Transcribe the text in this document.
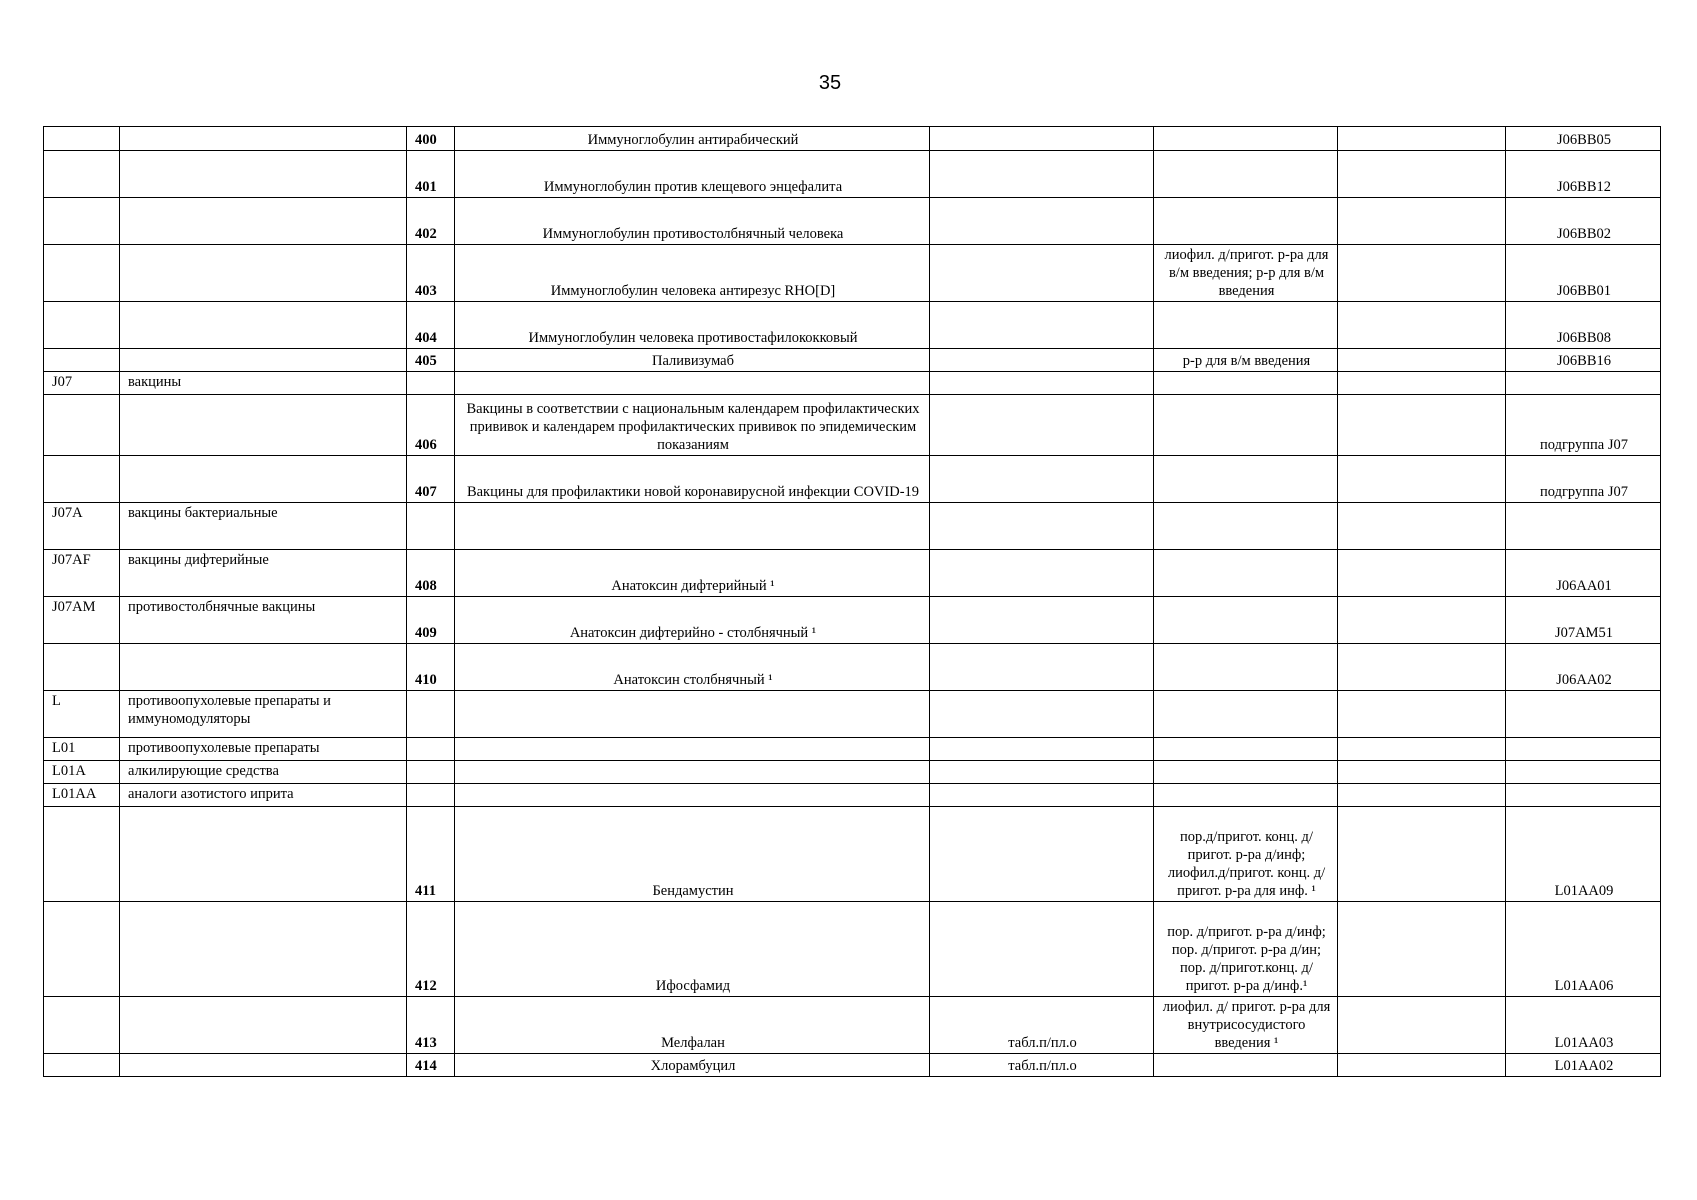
35
		400	Иммуноглобулин антирабический				J06BB05
		401	Иммуноглобулин против клещевого энцефалита				J06BB12
		402	Иммуноглобулин противостолбнячный человека				J06BB02
		403	Иммуноглобулин человека антирезус RHO[D]		лиофил. д/пригот. р-ра для в/м введения; р-р для в/м введения		J06BB01
		404	Иммуноглобулин человека противостафилококковый				J06BB08
		405	Паливизумаб		р-р для в/м введения		J06BB16
J07	вакцины						
		406	Вакцины в соответствии с национальным календарем профилактических прививок и календарем профилактических прививок по эпидемическим показаниям				подгруппа J07
		407	Вакцины для профилактики новой коронавирусной инфекции COVID-19				подгруппа J07
J07A	вакцины бактериальные						
J07AF	вакцины дифтерийные	408	Анатоксин дифтерийный ¹				J06AA01
J07AM	противостолбнячные вакцины	409	Анатоксин дифтерийно - столбнячный ¹				J07AM51
		410	Анатоксин столбнячный ¹				J06AA02
L	противоопухолевые препараты и иммуномодуляторы						
L01	противоопухолевые препараты						
L01A	алкилирующие средства						
L01AA	аналоги азотистого иприта						
		411	Бендамустин		пор.д/пригот. конц. д/пригот. р-ра д/инф; лиофил.д/пригот. конц. д/пригот. р-ра для инф. ¹		L01AA09
		412	Ифосфамид		пор. д/пригот. р-ра д/инф; пор. д/пригот. р-ра д/ин; пор. д/пригот.конц. д/пригот. р-ра д/инф.¹		L01AA06
		413	Мелфалан	табл.п/пл.о	лиофил. д/ пригот. р-ра для внутрисосудистого введения ¹		L01AA03
		414	Хлорамбуцил	табл.п/пл.о			L01AA02
